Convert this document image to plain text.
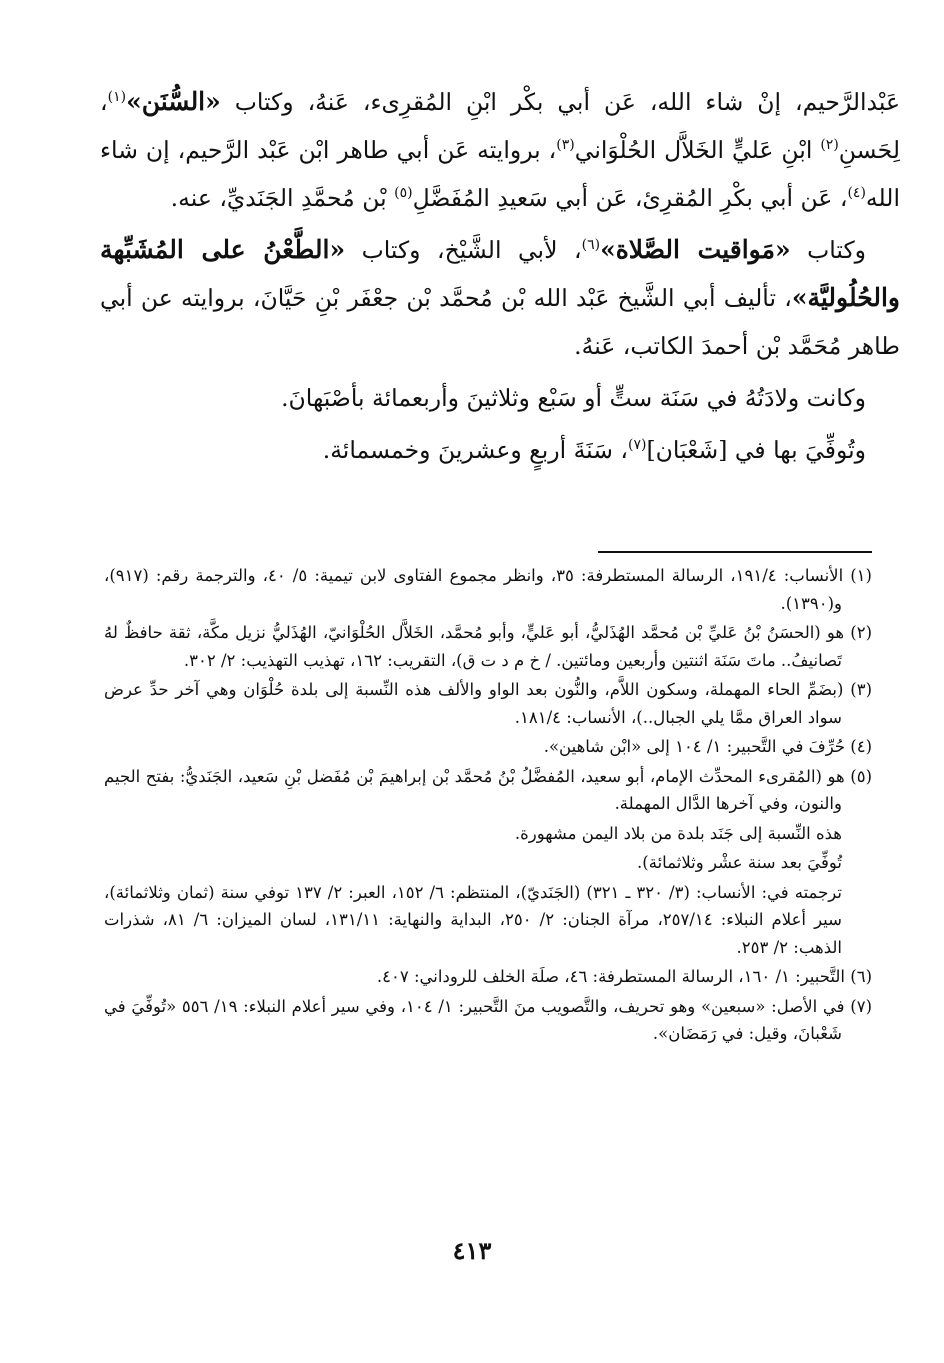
عَبْدالرَّحيم، إنْ شاء الله، عَن أبي بكْر ابْنِ المُقرِىء، عَنهُ، وكتاب «السُّنَن»$^{(١)}$، لِحَسنِ$^{(٢)}$ ابْنِ عَليٍّ الخَلاَّل الحُلْوَاني$^{(٣)}$، بروايته عَن أبي طاهر ابْن عَبْد الرَّحيم، إن شاء الله$^{(٤)}$، عَن أبي بكْرِ المُقرِئ، عَن أبي سَعيدِ المُفَضَّلِ$^{(٥)}$ بْن مُحمَّدِ الجَنَديِّ، عنه.

وكتاب «مَواقيت الصَّلاة»$^{(٦)}$، لأبي الشَّيْخ، وكتاب «الطَّعْنُ على المُشَبِّهة والحُلُوليَّة»، تأليف أبي الشَّيخ عَبْد الله بْن مُحمَّد بْن جعْفَر بْنِ حَيَّانَ، بروايته عن أبي طاهر مُحَمَّد بْن أحمدَ الكاتب، عَنهُ.

وكانت ولادَتُهُ في سَنَة ستٍّ أو سَبْع وثلاثينَ وأربعمائة بأصْبَهانَ.

وتُوفِّيَ بها في [شَعْبَان]$^{(٧)}$، سَنَةَ أربعٍ وعشرينَ وخمسمائة.

(١) الأنساب: ١٩١/٤، الرسالة المستطرفة: ٣٥، وانظر مجموع الفتاوى لابن تيمية: ٥/ ٤٠، والترجمة رقم: (٩١٧)، و(١٣٩٠).
(٢) هو (الحسَنُ بْنُ عَليِّ بْن مُحمَّد الهُذَليُّ، أبو عَليٍّ، وأبو مُحمَّد، الخَلاَّل الحُلْوَانيّ، الهُذَليُّ نزيل مكَّة، ثقة حافظٌ لهُ تَصانيفُ.. ماتَ سَنَة اثنتين وأربعين ومائتين. / خ م د ت ق)، التقريب: ١٦٢، تهذيب التهذيب: ٢/ ٣٠٢.
(٣) (بضَمِّ الحاء المهملة، وسكون اللاَّم، والنُّون بعد الواو والألف هذه النِّسبة إلى بلدة حُلْوَان وهي آخر حدِّ عرض سواد العراق ممَّا يلي الجبال..)، الأنساب: ١٨١/٤.
(٤) حُرِّفَ في التَّحبير: ١/ ١٠٤ إلى «ابْن شاهين».
(٥) هو (المُقرىء المحدِّث الإمام، أبو سعيد، المُفضَّلُ بْنُ مُحمَّد بْن إبراهيمَ بْن مُفَضل بْنِ سَعيد، الجَنَديُّ: بفتح الجيم والنون، وفي آخرها الدَّال المهملة.
هذه النِّسبة إلى جَنَد بلدة من بلاد اليمن مشهورة.
تُوفِّيَ بعد سنة عشْر وثلاثمائة).
ترجمته في: الأنساب: (٣/ ٣٢٠ ـ ٣٢١) (الجَنَديّ)، المنتظم: ٦/ ١٥٢، العبر: ٢/ ١٣٧ توفي سنة (ثمان وثلاثمائة)، سير أعلام النبلاء: ٢٥٧/١٤، مرآة الجنان: ٢/ ٢٥٠، البداية والنهاية: ١٣١/١١، لسان الميزان: ٦/ ٨١، شذرات الذهب: ٢/ ٢٥٣.
(٦) التَّحبير: ١/ ١٦٠، الرسالة المستطرفة: ٤٦، صلَة الخلف للروداني: ٤٠٧.
(٧) في الأصل: «سبعين» وهو تحريف، والتَّصويب منَ التَّحبير: ١/ ١٠٤، وفي سير أعلام النبلاء: ١٩/ ٥٥٦ «تُوفِّيَ في شَعْبانَ، وقيل: في رَمَضَان».
٤١٣
